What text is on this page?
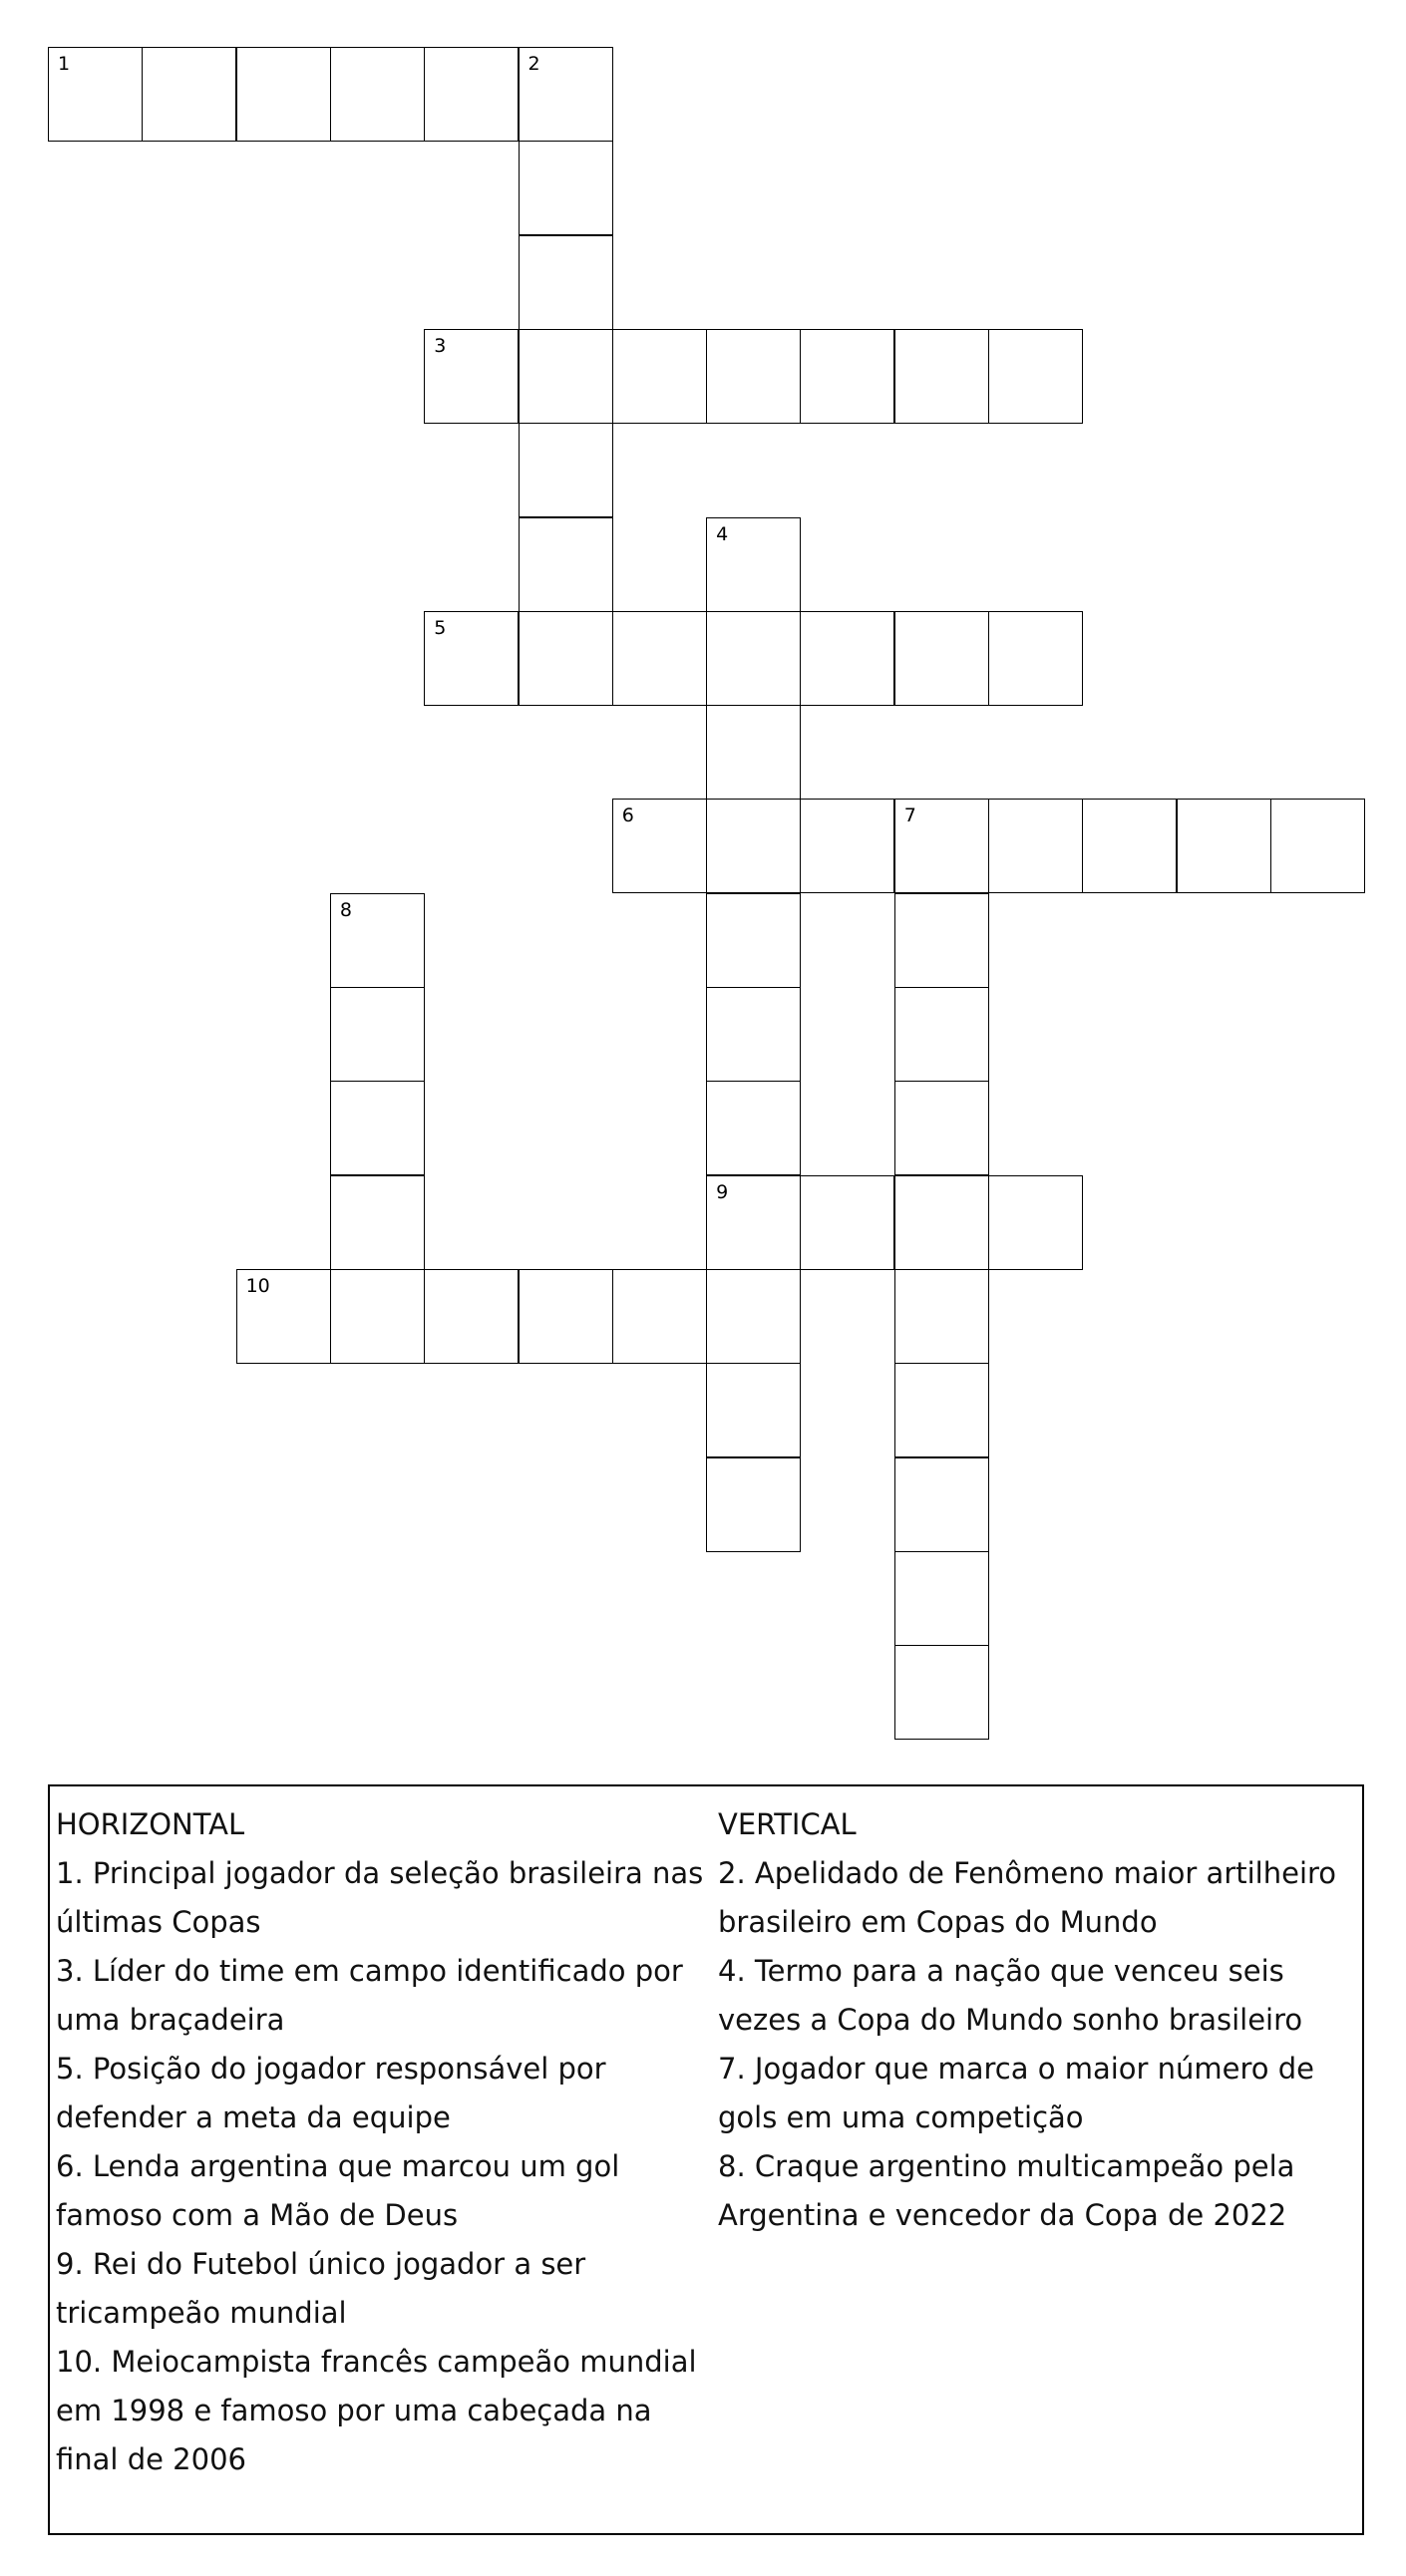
1	2
3
4
5
6	7
8
9
10
HORIZONTAL
1. Principal jogador da seleção brasileira nas últimas Copas
3. Líder do time em campo identificado por uma braçadeira
5. Posição do jogador responsável por defender a meta da equipe
6. Lenda argentina que marcou um gol famoso com a Mão de Deus
9. Rei do Futebol único jogador a ser tricampeão mundial
10. Meiocampista francês campeão mundial em 1998 e famoso por uma cabeçada na final de 2006
VERTICAL
2. Apelidado de Fenômeno maior artilheiro brasileiro em Copas do Mundo
4. Termo para a nação que venceu seis vezes a Copa do Mundo sonho brasileiro
7. Jogador que marca o maior número de gols em uma competição
8. Craque argentino multicampeão pela Argentina e vencedor da Copa de 2022
